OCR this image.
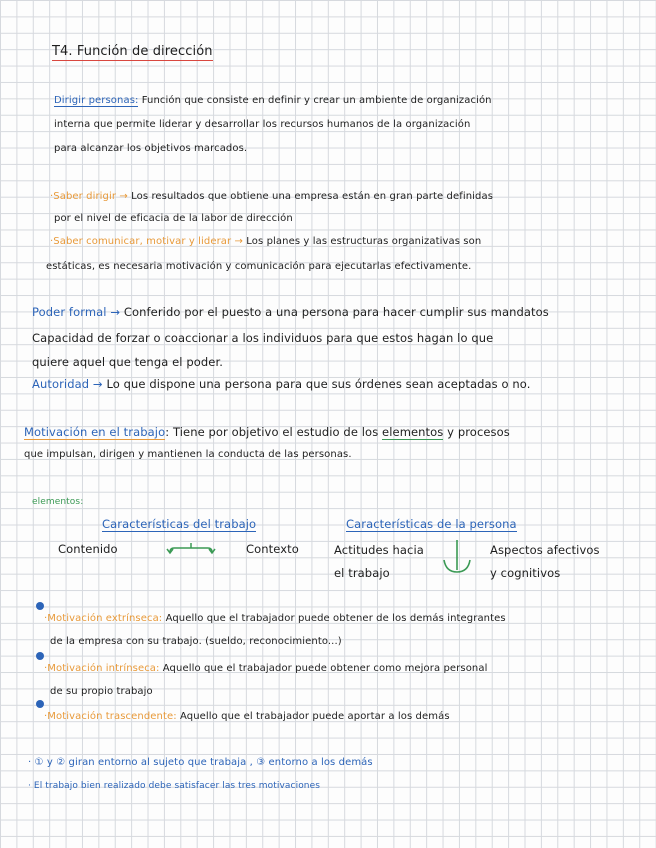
T4. Función de dirección
Dirigir personas: Función que consiste en definir y crear un ambiente de organización
interna que permite liderar y desarrollar los recursos humanos de la organización
para alcanzar los objetivos marcados.
·Saber dirigir → Los resultados que obtiene una empresa están en gran parte definidas
por el nivel de eficacia de la labor de dirección
·Saber comunicar, motivar y liderar → Los planes y las estructuras organizativas son
estáticas, es necesaria motivación y comunicación para ejecutarlas efectivamente.
Poder formal → Conferido por el puesto a una persona para hacer cumplir sus mandatos
Capacidad de forzar o coaccionar a los individuos para que estos hagan lo que
quiere aquel que tenga el poder.
Autoridad → Lo que dispone una persona para que sus órdenes sean aceptadas o no.
Motivación en el trabajo: Tiene por objetivo el estudio de los elementos y procesos
que impulsan, dirigen y mantienen la conducta de las personas.
elementos:
Características del trabajo	Características de la persona
Contenido	Contexto	Actitudes hacia
el trabajo
Aspectos afectivos
y cognitivos
·Motivación extrínseca: Aquello que el trabajador puede obtener de los demás integrantes
de la empresa con su trabajo. (sueldo, reconocimiento...)
·Motivación intrínseca: Aquello que el trabajador puede obtener como mejora personal
de su propio trabajo
·Motivación trascendente: Aquello que el trabajador puede aportar a los demás
· ① y ② giran entorno al sujeto que trabaja , ③ entorno a los demás
· El trabajo bien realizado debe satisfacer las tres motivaciones
